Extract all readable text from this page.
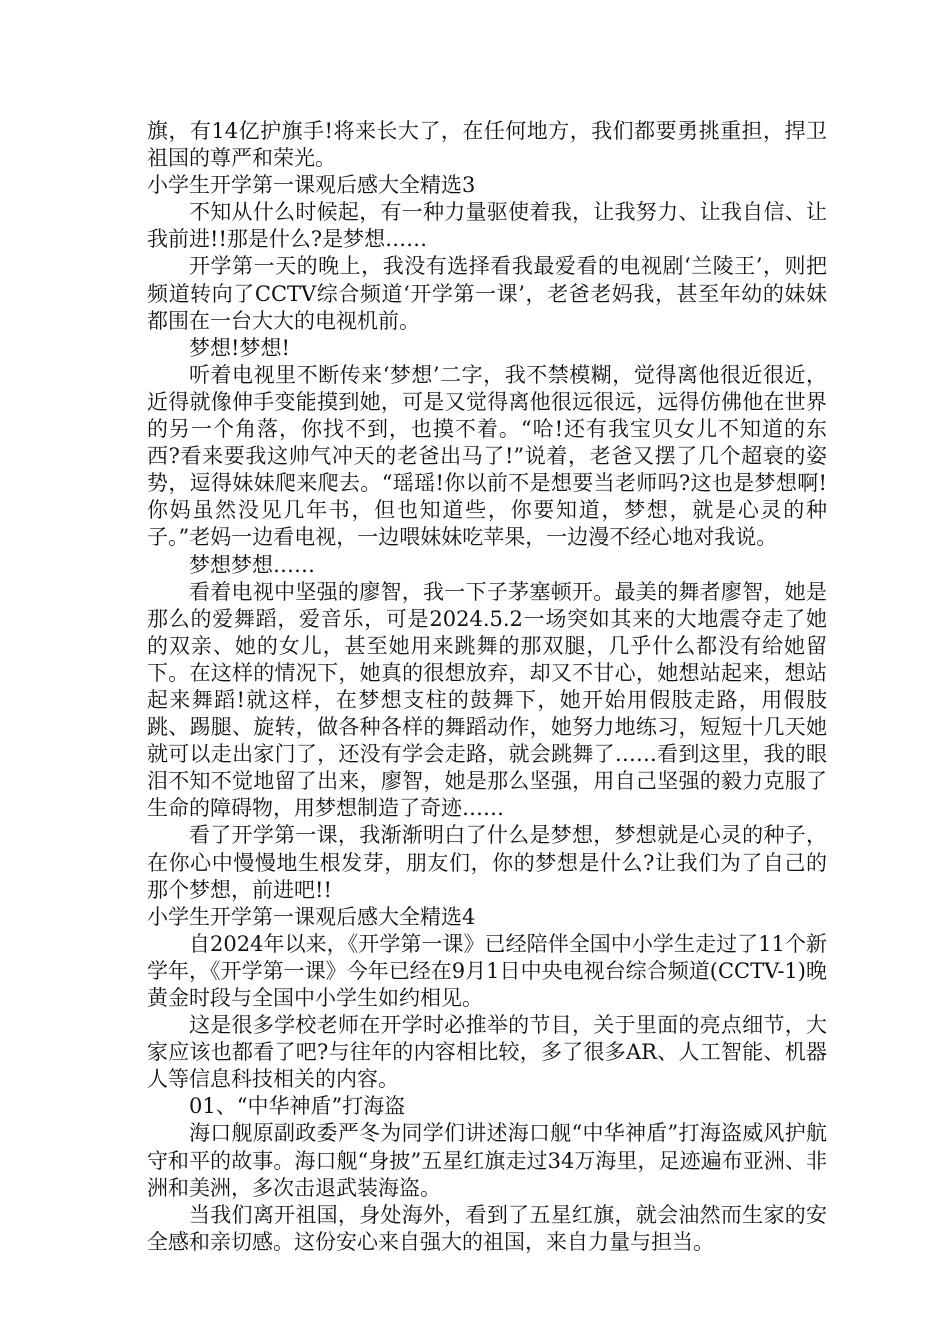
旗，有14亿护旗手!将来长大了，在任何地方，我们都要勇挑重担，捍卫祖国的尊严和荣光。

小学生开学第一课观后感大全精选3

不知从什么时候起，有一种力量驱使着我，让我努力、让我自信、让我前进!!那是什么?是梦想……

开学第一天的晚上，我没有选择看我最爱看的电视剧‘兰陵王’，则把频道转向了CCTV综合频道‘开学第一课’，老爸老妈我，甚至年幼的妹妹都围在一台大大的电视机前。

梦想!梦想!

听着电视里不断传来‘梦想’二字，我不禁模糊，觉得离他很近很近，近得就像伸手变能摸到她，可是又觉得离他很远很远，远得仿佛他在世界的另一个角落，你找不到，也摸不着。“哈!还有我宝贝女儿不知道的东西?看来要我这帅气冲天的老爸出马了!”说着，老爸又摆了几个超衰的姿势，逗得妹妹爬来爬去。“瑶瑶!你以前不是想要当老师吗?这也是梦想啊!你妈虽然没见几年书，但也知道些，你要知道，梦想，就是心灵的种子。”老妈一边看电视，一边喂妹妹吃苹果，一边漫不经心地对我说。

梦想梦想……

看着电视中坚强的廖智，我一下子茅塞顿开。最美的舞者廖智，她是那么的爱舞蹈，爱音乐，可是2024.5.2一场突如其来的大地震夺走了她的双亲、她的女儿，甚至她用来跳舞的那双腿，几乎什么都没有给她留下。在这样的情况下，她真的很想放弃，却又不甘心，她想站起来，想站起来舞蹈!就这样，在梦想支柱的鼓舞下，她开始用假肢走路，用假肢跳、踢腿、旋转，做各种各样的舞蹈动作，她努力地练习，短短十几天她就可以走出家门了，还没有学会走路，就会跳舞了……看到这里，我的眼泪不知不觉地留了出来，廖智，她是那么坚强，用自己坚强的毅力克服了生命的障碍物，用梦想制造了奇迹……

看了开学第一课，我渐渐明白了什么是梦想，梦想就是心灵的种子，在你心中慢慢地生根发芽，朋友们，你的梦想是什么?让我们为了自己的那个梦想，前进吧!!

小学生开学第一课观后感大全精选4

自2024年以来，《开学第一课》已经陪伴全国中小学生走过了11个新学年，《开学第一课》今年已经在9月1日中央电视台综合频道(CCTV-1)晚黄金时段与全国中小学生如约相见。

这是很多学校老师在开学时必推举的节目，关于里面的亮点细节，大家应该也都看了吧?与往年的内容相比较，多了很多AR、人工智能、机器人等信息科技相关的内容。

01、“中华神盾”打海盗

海口舰原副政委严冬为同学们讲述海口舰“中华神盾”打海盗威风护航守和平的故事。海口舰“身披”五星红旗走过34万海里，足迹遍布亚洲、非洲和美洲，多次击退武装海盗。

当我们离开祖国，身处海外，看到了五星红旗，就会油然而生家的安全感和亲切感。这份安心来自强大的祖国，来自力量与担当。
